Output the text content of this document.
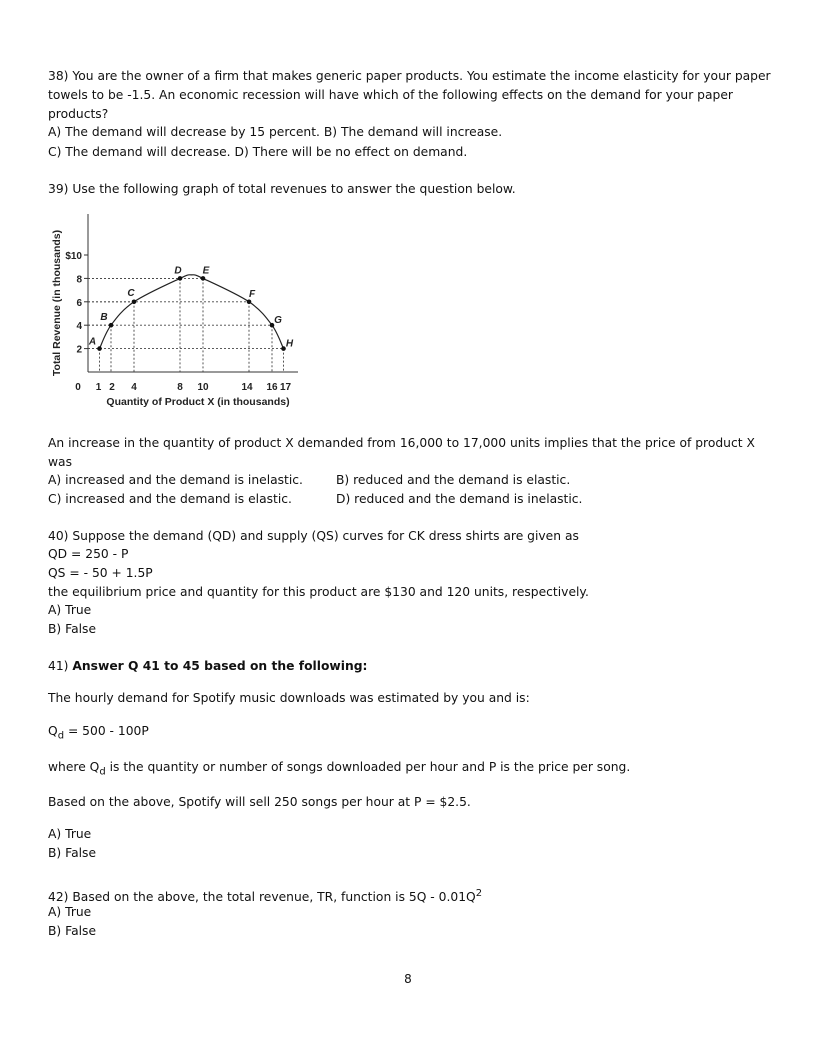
38) You are the owner of a firm that makes generic paper products. You estimate the income elasticity for your paper towels to be -1.5. An economic recession will have which of the following effects on the demand for your paper products?
A) The demand will decrease by 15 percent. B) The demand will increase.
C) The demand will decrease. D) There will be no effect on demand.
39) Use the following graph of total revenues to answer the question below.
2
4
6
8
$10
1 2 4	8 10	14 16 17
0
Quantity of Product X (in thousands)
Total Revenue (in thousands)	A
B
C
D E
F
G
H
An increase in the quantity of product X demanded from 16,000 to 17,000 units implies that the price of product X was
A) increased and the demand is inelastic.	B) reduced and the demand is elastic.
C) increased and the demand is elastic.	D) reduced and the demand is inelastic.
40) Suppose the demand (QD) and supply (QS) curves for CK dress shirts are given as
QD = 250 - P
QS = - 50 + 1.5P
the equilibrium price and quantity for this product are $130 and 120 units, respectively.
A) True
B) False
41) Answer Q 41 to 45 based on the following:
The hourly demand for Spotify music downloads was estimated by you and is:
$Q_d = 500 - 100P$
where $Q_d$ is the quantity or number of songs downloaded per hour and P is the price per song.
Based on the above, Spotify will sell 250 songs per hour at P = $2.5.
A) True
B) False
42) Based on the above, the total revenue, TR, function is $5Q - 0.01Q^2$
A) True
B) False
8
